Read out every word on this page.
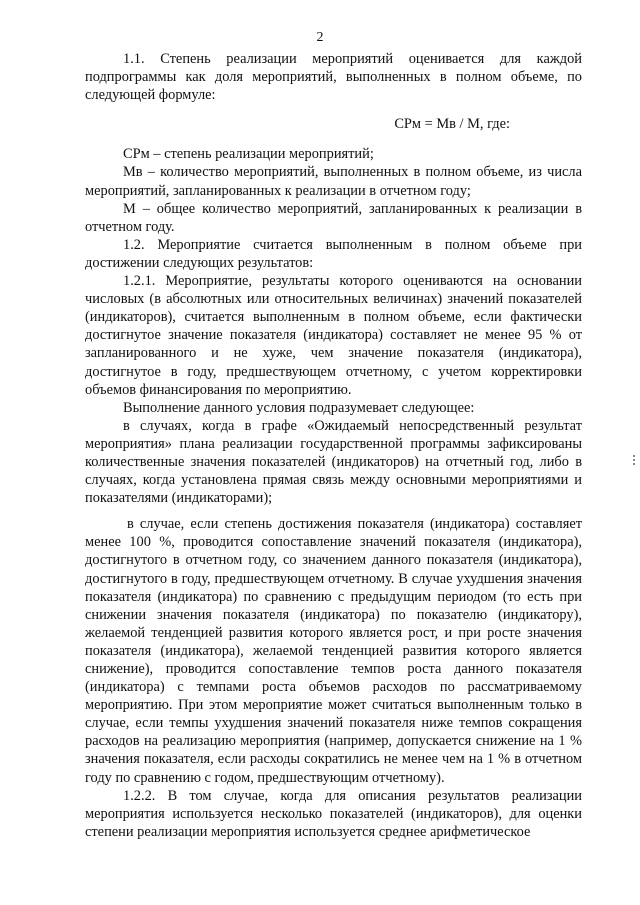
2

1.1. Степень реализации мероприятий оценивается для каждой подпрограммы как доля мероприятий, выполненных в полном объеме, по следующей формуле:

СРм = Мв / М, где:

СРм – степень реализации мероприятий;

Мв – количество мероприятий, выполненных в полном объеме, из числа мероприятий, запланированных к реализации в отчетном году;

М – общее количество мероприятий, запланированных к реализации в отчетном году.

1.2. Мероприятие считается выполненным в полном объеме при достижении следующих результатов:

1.2.1. Мероприятие, результаты которого оцениваются на основании числовых (в абсолютных или относительных величинах) значений показателей (индикаторов), считается выполненным в полном объеме, если фактически достигнутое значение показателя (индикатора) составляет не менее 95 % от запланированного и не хуже, чем значение показателя (индикатора), достигнутое в году, предшествующем отчетному, с учетом корректировки объемов финансирования по мероприятию.

Выполнение данного условия подразумевает следующее:

в случаях, когда в графе «Ожидаемый непосредственный результат мероприятия» плана реализации государственной программы зафиксированы количественные значения показателей (индикаторов) на отчетный год, либо в случаях, когда установлена прямая связь между основными мероприятиями и показателями (индикаторами);

в случае, если степень достижения показателя (индикатора) составляет менее 100 %, проводится сопоставление значений показателя (индикатора), достигнутого в отчетном году, со значением данного показателя (индикатора), достигнутого в году, предшествующем отчетному. В случае ухудшения значения показателя (индикатора) по сравнению с предыдущим периодом (то есть при снижении значения показателя (индикатора) по показателю (индикатору), желаемой тенденцией развития которого является рост, и при росте значения показателя (индикатора), желаемой тенденцией развития которого является снижение), проводится сопоставление темпов роста данного показателя (индикатора) с темпами роста объемов расходов по рассматриваемому мероприятию. При этом мероприятие может считаться выполненным только в случае, если темпы ухудшения значений показателя ниже темпов сокращения расходов на реализацию мероприятия (например, допускается снижение на 1 % значения показателя, если расходы сократились не менее чем на 1 % в отчетном году по сравнению с годом, предшествующим отчетному).

1.2.2. В том случае, когда для описания результатов реализации мероприятия используется несколько показателей (индикаторов), для оценки степени реализации мероприятия используется среднее арифметическое
